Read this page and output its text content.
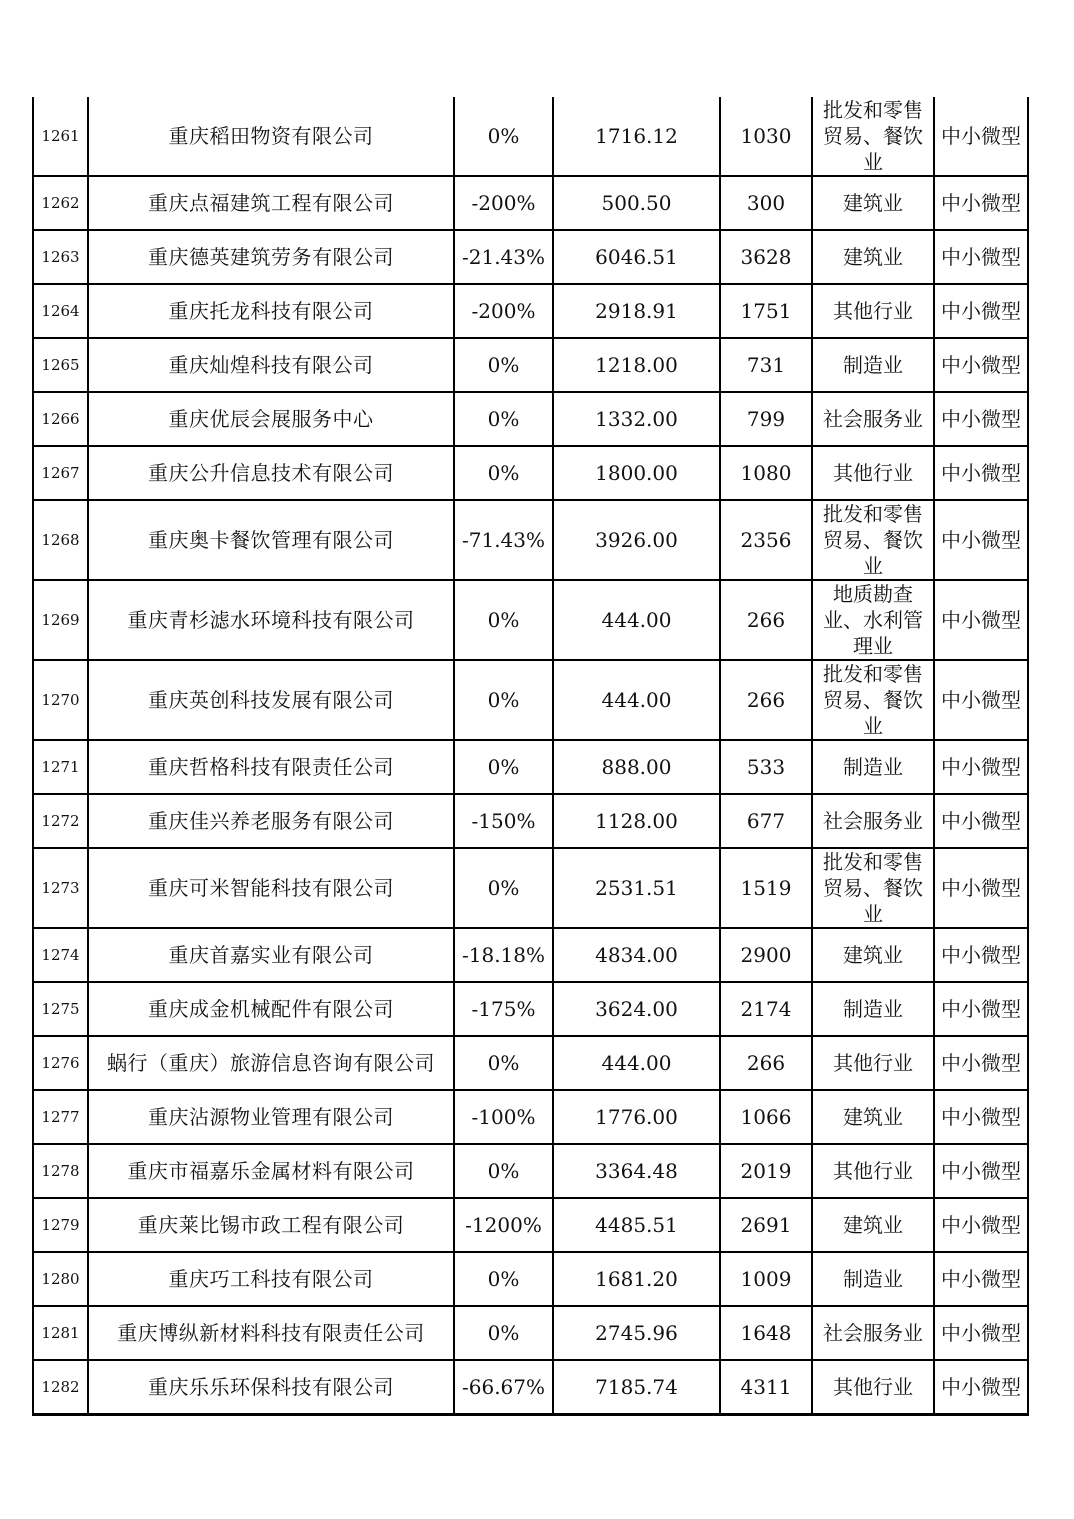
1261	重庆稻田物资有限公司	0%	1716.12	1030	批发和零售贸易、餐饮业	中小微型
1262	重庆点福建筑工程有限公司	-200%	500.50	300	建筑业	中小微型
1263	重庆德英建筑劳务有限公司	-21.43%	6046.51	3628	建筑业	中小微型
1264	重庆托龙科技有限公司	-200%	2918.91	1751	其他行业	中小微型
1265	重庆灿煌科技有限公司	0%	1218.00	731	制造业	中小微型
1266	重庆优辰会展服务中心	0%	1332.00	799	社会服务业	中小微型
1267	重庆公升信息技术有限公司	0%	1800.00	1080	其他行业	中小微型
1268	重庆奥卡餐饮管理有限公司	-71.43%	3926.00	2356	批发和零售贸易、餐饮业	中小微型
1269	重庆青杉滤水环境科技有限公司	0%	444.00	266	地质勘查业、水利管理业	中小微型
1270	重庆英创科技发展有限公司	0%	444.00	266	批发和零售贸易、餐饮业	中小微型
1271	重庆哲格科技有限责任公司	0%	888.00	533	制造业	中小微型
1272	重庆佳兴养老服务有限公司	-150%	1128.00	677	社会服务业	中小微型
1273	重庆可米智能科技有限公司	0%	2531.51	1519	批发和零售贸易、餐饮业	中小微型
1274	重庆首嘉实业有限公司	-18.18%	4834.00	2900	建筑业	中小微型
1275	重庆成金机械配件有限公司	-175%	3624.00	2174	制造业	中小微型
1276	蜗行（重庆）旅游信息咨询有限公司	0%	444.00	266	其他行业	中小微型
1277	重庆沾源物业管理有限公司	-100%	1776.00	1066	建筑业	中小微型
1278	重庆市福嘉乐金属材料有限公司	0%	3364.48	2019	其他行业	中小微型
1279	重庆莱比锡市政工程有限公司	-1200%	4485.51	2691	建筑业	中小微型
1280	重庆巧工科技有限公司	0%	1681.20	1009	制造业	中小微型
1281	重庆博纵新材料科技有限责任公司	0%	2745.96	1648	社会服务业	中小微型
1282	重庆乐乐环保科技有限公司	-66.67%	7185.74	4311	其他行业	中小微型
